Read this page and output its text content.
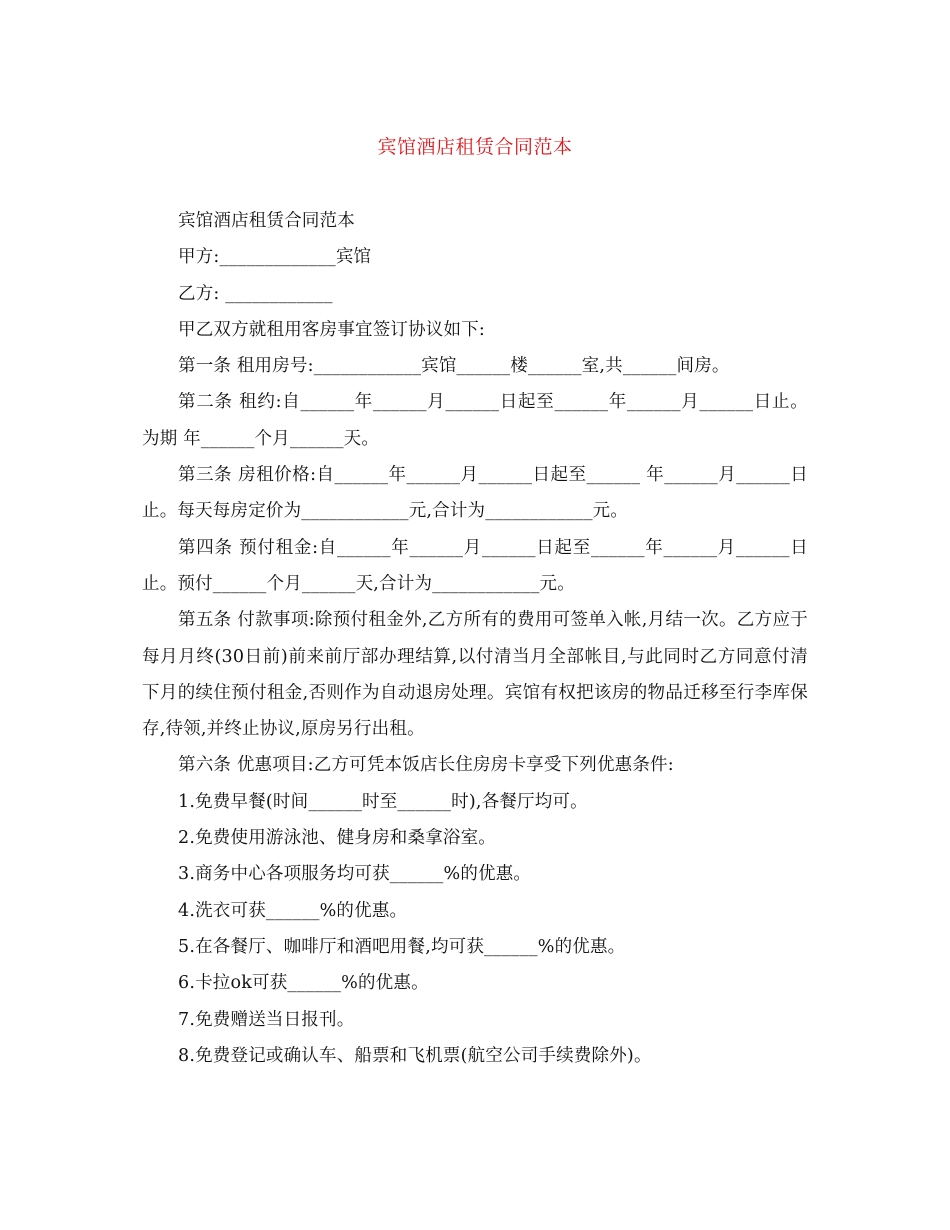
宾馆酒店租赁合同范本

宾馆酒店租赁合同范本

甲方:_____________宾馆

乙方: ____________

甲乙双方就租用客房事宜签订协议如下:

第一条 租用房号:____________宾馆______楼______室,共______间房。

第二条 租约:自______年______月______日起至______年______月______日止。为期 年______个月______天。

第三条 房租价格:自______年______月______日起至______ 年______月______日止。每天每房定价为____________元,合计为____________元。

第四条 预付租金:自______年______月______日起至______年______月______日止。预付______个月______天,合计为____________元。

第五条 付款事项:除预付租金外,乙方所有的费用可签单入帐,月结一次。乙方应于每月月终(30日前)前来前厅部办理结算,以付清当月全部帐目,与此同时乙方同意付清下月的续住预付租金,否则作为自动退房处理。宾馆有权把该房的物品迁移至行李库保存,待领,并终止协议,原房另行出租。

第六条 优惠项目:乙方可凭本饭店长住房房卡享受下列优惠条件:

1.免费早餐(时间______时至______时),各餐厅均可。

2.免费使用游泳池、健身房和桑拿浴室。

3.商务中心各项服务均可获______%的优惠。

4.洗衣可获______%的优惠。

5.在各餐厅、咖啡厅和酒吧用餐,均可获______%的优惠。

6.卡拉ok可获______%的优惠。

7.免费赠送当日报刊。

8.免费登记或确认车、船票和飞机票(航空公司手续费除外)。
